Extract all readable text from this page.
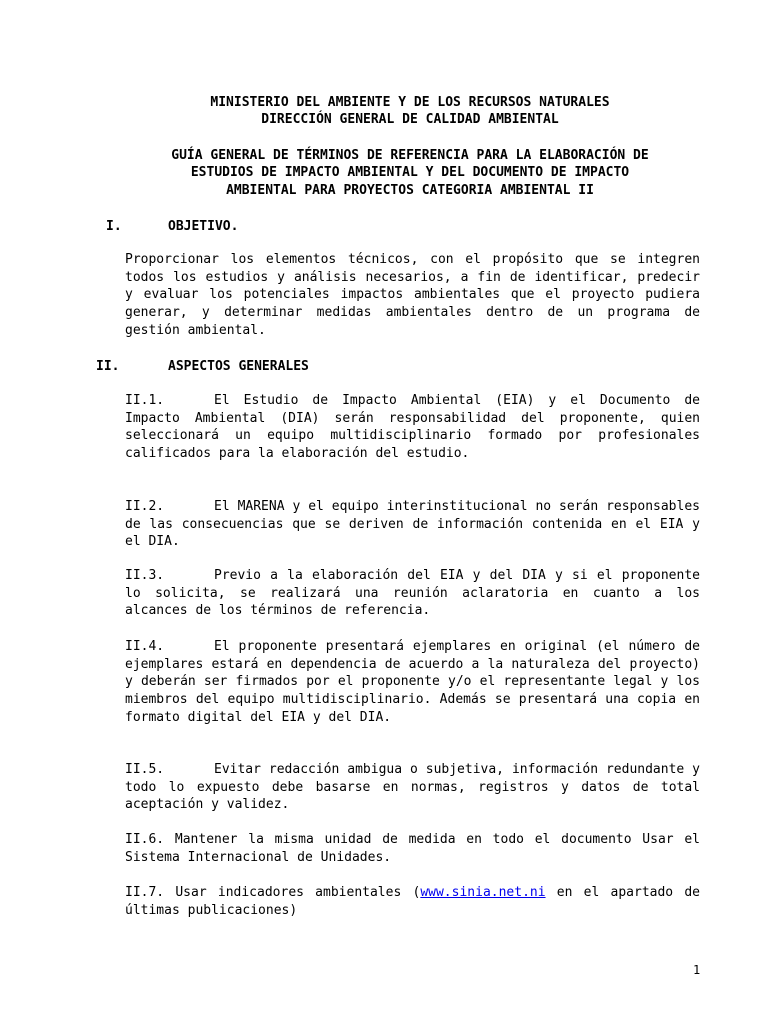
MINISTERIO DEL AMBIENTE Y DE LOS RECURSOS NATURALES
DIRECCIÓN GENERAL DE CALIDAD AMBIENTAL
GUÍA GENERAL DE TÉRMINOS DE REFERENCIA PARA LA ELABORACIÓN DE
ESTUDIOS DE IMPACTO AMBIENTAL Y DEL DOCUMENTO DE IMPACTO
AMBIENTAL PARA PROYECTOS CATEGORIA AMBIENTAL II
I.	OBJETIVO.
Proporcionar los elementos técnicos, con el propósito que se integren todos los estudios y análisis necesarios, a fin de identificar, predecir y evaluar los potenciales impactos ambientales que el proyecto pudiera generar, y determinar medidas ambientales dentro de un programa de gestión ambiental.
II.	ASPECTOS GENERALES
II.1.	El Estudio de Impacto Ambiental (EIA) y el Documento de Impacto Ambiental (DIA) serán responsabilidad del proponente, quien seleccionará un equipo multidisciplinario formado por profesionales calificados para la elaboración del estudio.
II.2.	El MARENA y el equipo interinstitucional no serán responsables de las consecuencias que se deriven de información contenida en el EIA y el DIA.
II.3.	Previo a la elaboración del EIA y del DIA y si el proponente lo solicita, se realizará una reunión aclaratoria en cuanto a los alcances de los términos de referencia.
II.4.	El proponente presentará ejemplares en original (el número de ejemplares estará en dependencia de acuerdo a la naturaleza del proyecto) y deberán ser firmados por el proponente y/o el representante legal y los miembros del equipo multidisciplinario. Además se presentará una copia en formato digital del EIA y del DIA.
II.5.	Evitar redacción ambigua o subjetiva, información redundante y todo lo expuesto debe basarse en normas, registros y datos de total aceptación y validez.
II.6. Mantener la misma unidad de medida en todo el documento Usar el Sistema Internacional de Unidades.
II.7. Usar indicadores ambientales (www.sinia.net.ni en el apartado de últimas publicaciones)
1
